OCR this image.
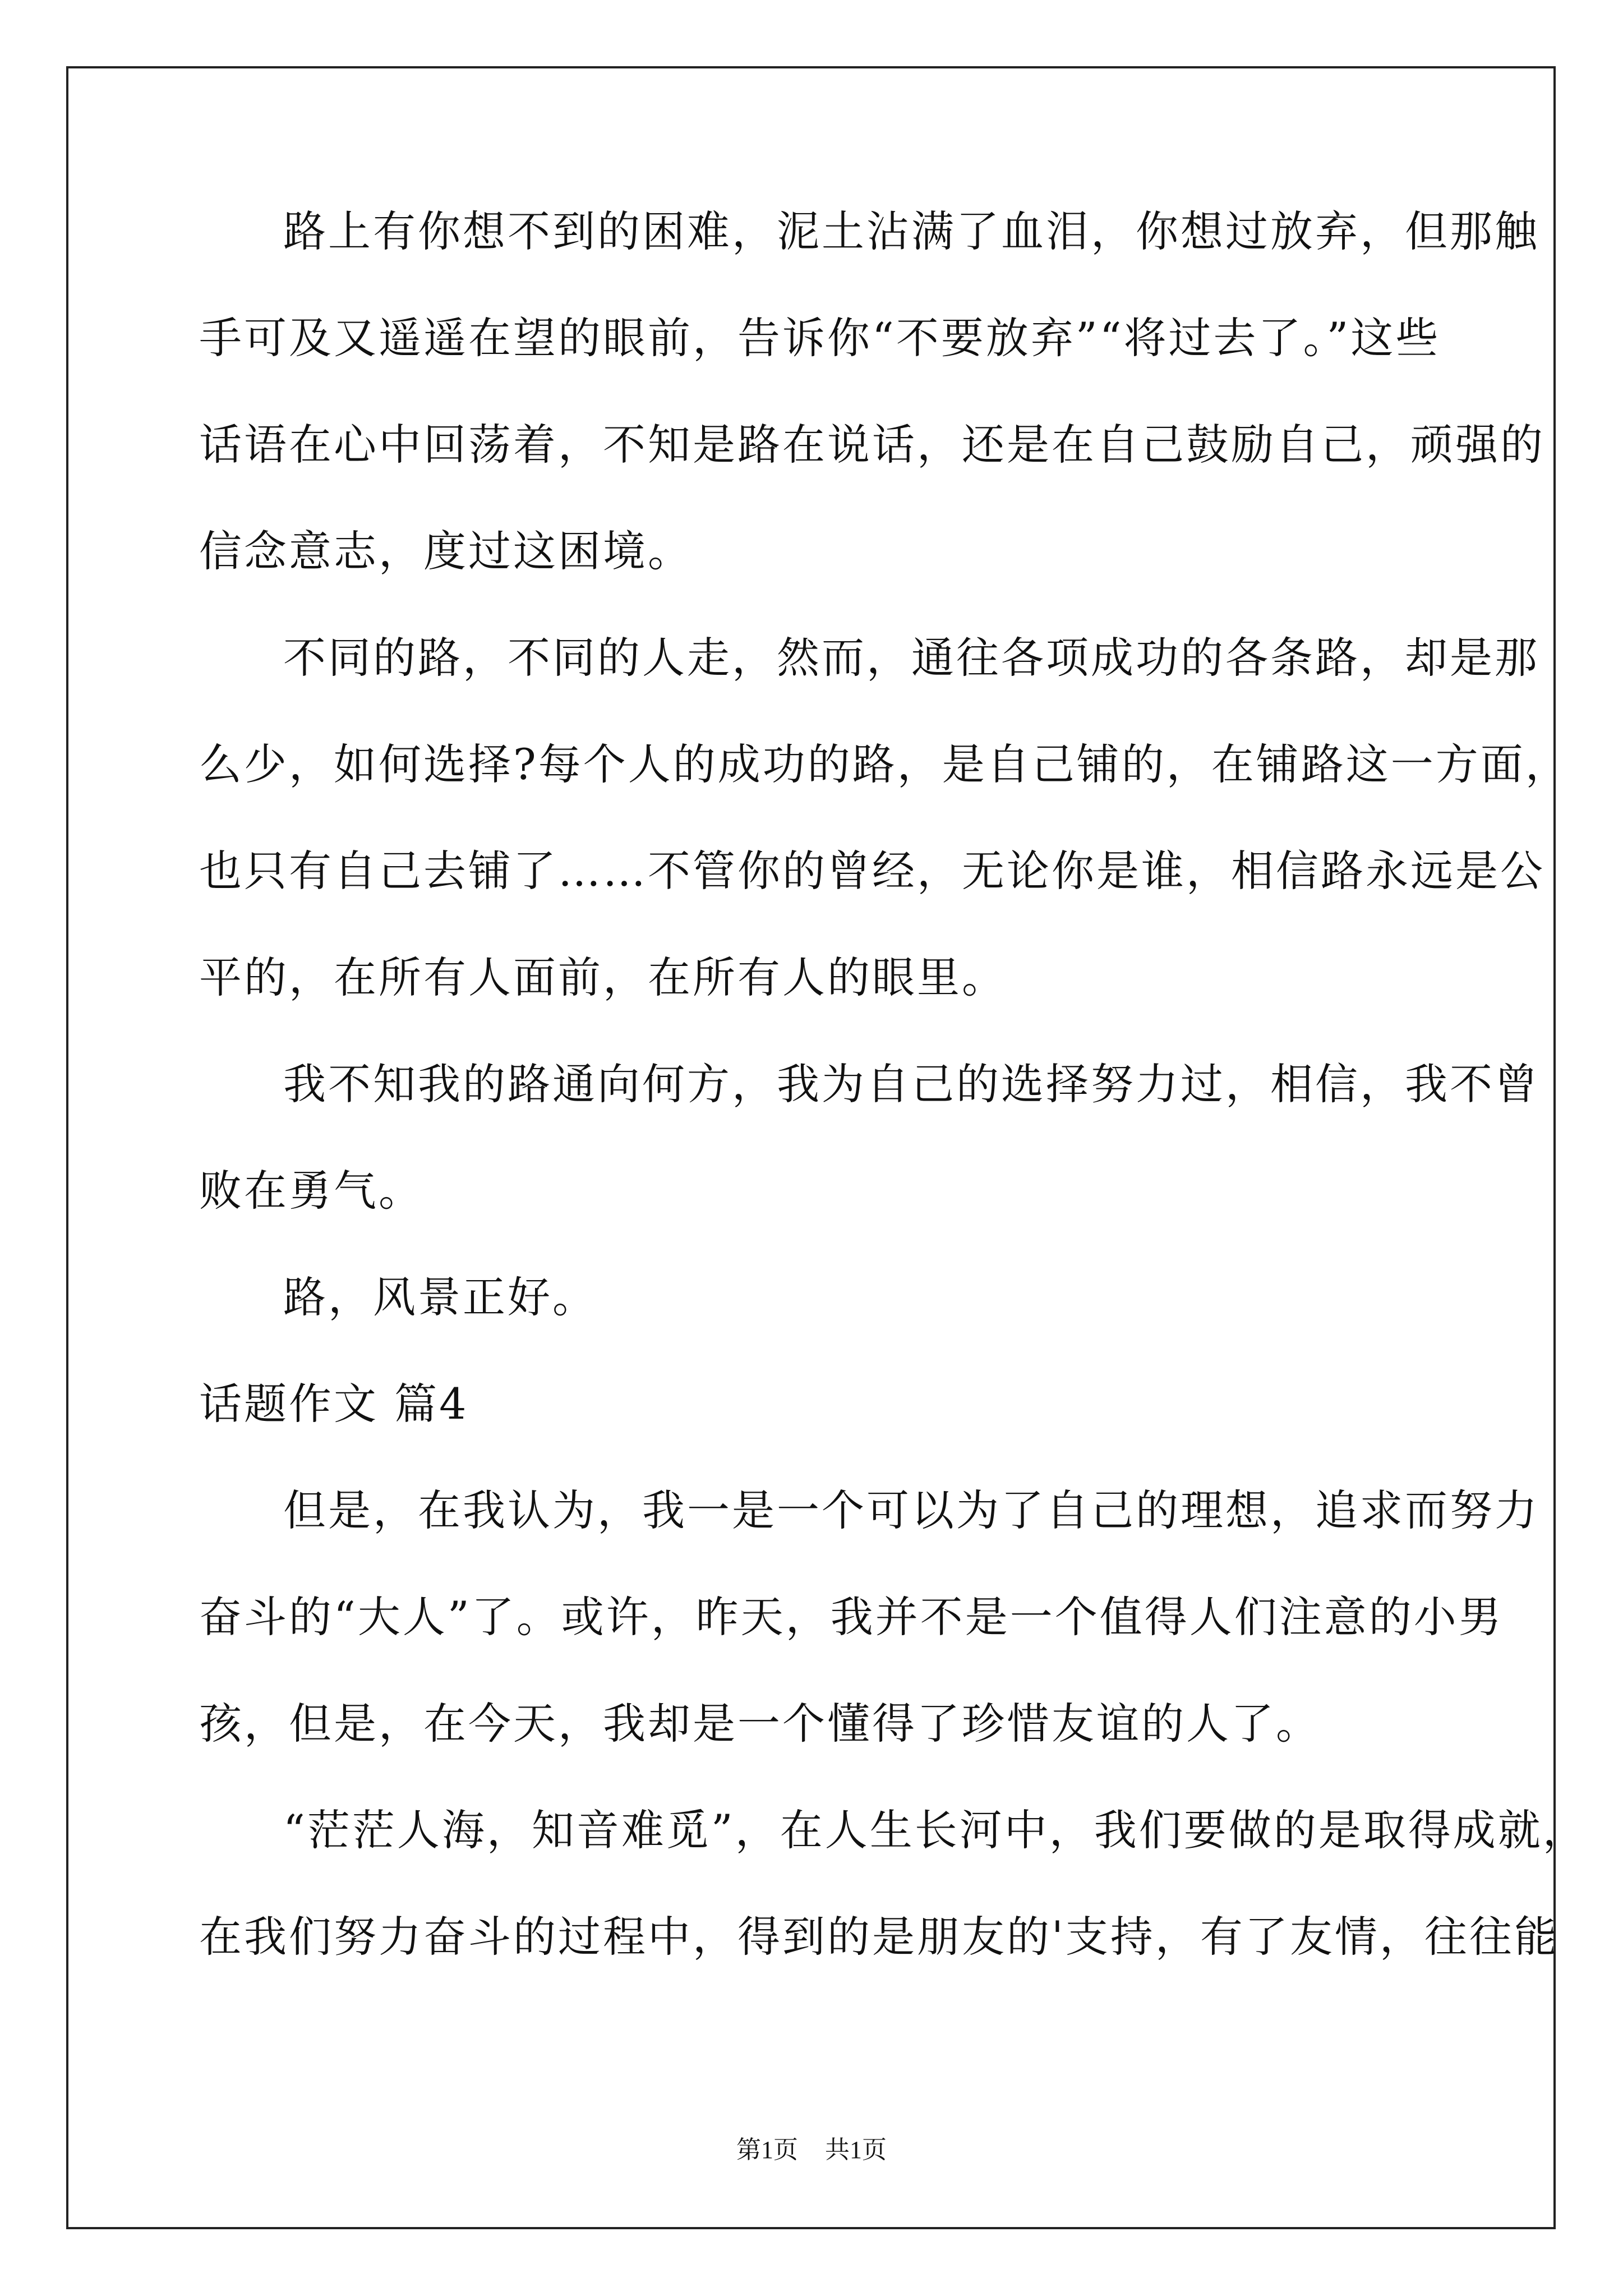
路上有你想不到的困难，泥土沾满了血泪，你想过放弃，但那触
手可及又遥遥在望的眼前，告诉你“不要放弃”“将过去了。”这些
话语在心中回荡着，不知是路在说话，还是在自己鼓励自己，顽强的
信念意志，度过这困境。
不同的路，不同的人走，然而，通往各项成功的各条路，却是那
么少，如何选择?每个人的成功的路，是自己铺的，在铺路这一方面，
也只有自己去铺了……不管你的曾经，无论你是谁，相信路永远是公
平的，在所有人面前，在所有人的眼里。
我不知我的路通向何方，我为自己的选择努力过，相信，我不曾
败在勇气。
路，风景正好。
话题作文 篇4
但是，在我认为，我一是一个可以为了自己的理想，追求而努力
奋斗的“大人”了。或许，昨天，我并不是一个值得人们注意的小男
孩，但是，在今天，我却是一个懂得了珍惜友谊的人了。
“茫茫人海，知音难觅”，在人生长河中，我们要做的是取得成就，
在我们努力奋斗的过程中，得到的是朋友的'支持，有了友情，往往能
第1页 共1页
